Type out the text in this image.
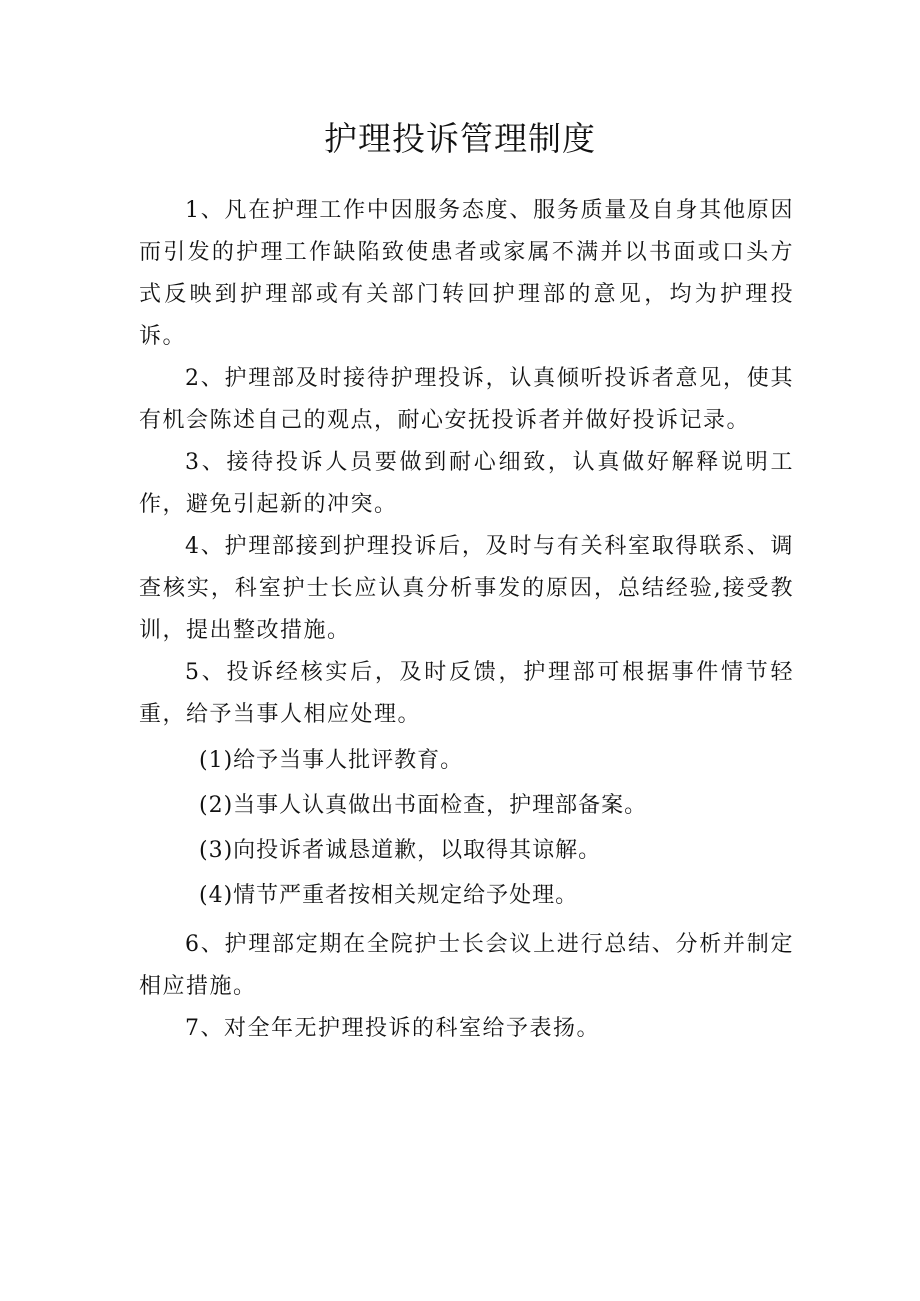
护理投诉管理制度

1、凡在护理工作中因服务态度、服务质量及自身其他原因而引发的护理工作缺陷致使患者或家属不满并以书面或口头方式反映到护理部或有关部门转回护理部的意见，均为护理投诉。

2、护理部及时接待护理投诉，认真倾听投诉者意见，使其有机会陈述自己的观点，耐心安抚投诉者并做好投诉记录。

3、接待投诉人员要做到耐心细致，认真做好解释说明工作，避免引起新的冲突。

4、护理部接到护理投诉后，及时与有关科室取得联系、调查核实，科室护士长应认真分析事发的原因，总结经验,接受教训，提出整改措施。

5、投诉经核实后，及时反馈，护理部可根据事件情节轻重，给予当事人相应处理。

(1)给予当事人批评教育。

(2)当事人认真做出书面检查，护理部备案。

(3)向投诉者诚恳道歉，以取得其谅解。

(4)情节严重者按相关规定给予处理。

6、护理部定期在全院护士长会议上进行总结、分析并制定相应措施。

7、对全年无护理投诉的科室给予表扬。
